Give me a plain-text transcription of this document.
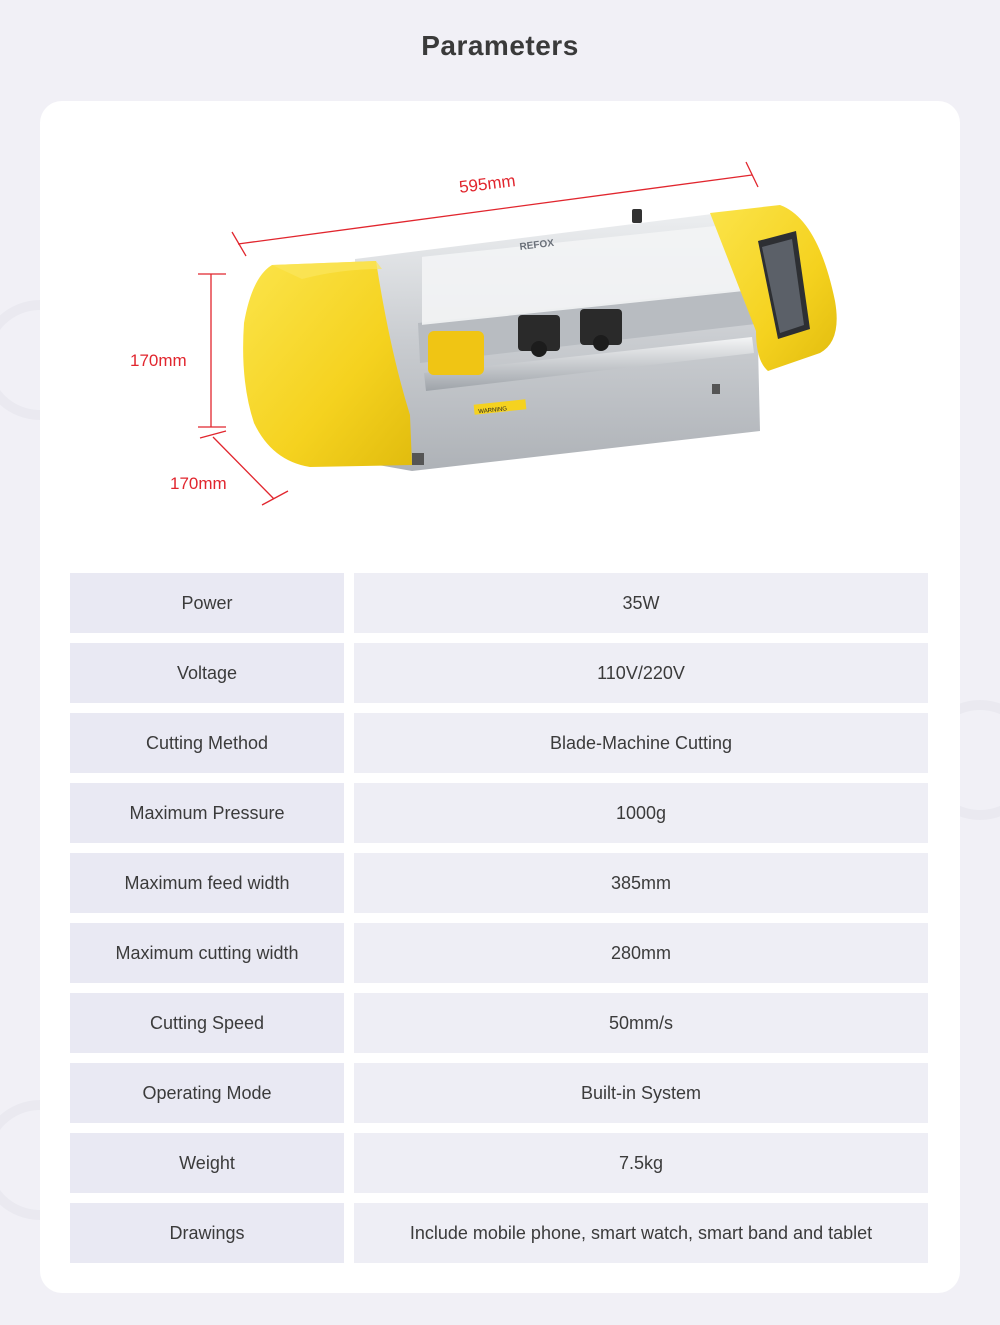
Parameters
WARNING
REFOX
595mm
170mm
170mm
Power		35W
Voltage		110V/220V
Cutting Method		Blade-Machine Cutting
Maximum Pressure		1000g
Maximum feed width		385mm
Maximum cutting width		280mm
Cutting Speed		50mm/s
Operating Mode		Built-in System
Weight		7.5kg
Drawings		Include mobile phone, smart watch, smart band and tablet
